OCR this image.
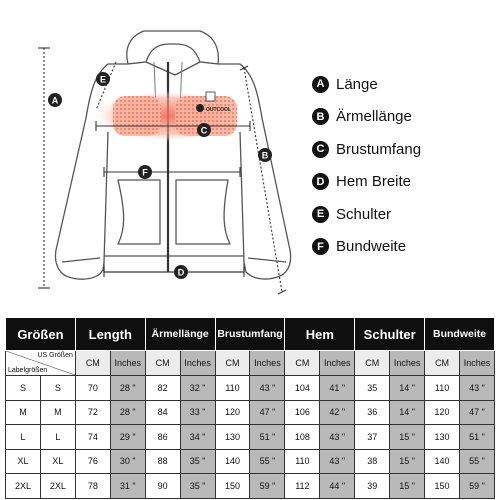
OUTCOOL
A
B
C
D
E
F
A Länge
B Ärmellänge
C Brustumfang
D Hem Breite
E Schulter
F Bundweite
Größen		Length		Ärmellänge		Brustumfang		Hem		Schulter		Bundweite	

US Größen
Labelgrößen		CM	Inches	CM	Inches	CM	Inches	CM	Inches	CM	Inches	CM	Inches
S	S	70	28 "	82	32 "	110	43 "	104	41 "	35	14 "	110	43 "
M	M	72	28 "	84	33 "	120	47 "	106	42 "	36	14 "	120	47 "
L	L	74	29 "	86	34 "	130	51 "	108	43 "	37	15 "	130	51 "
XL	XL	76	30 "	88	35 "	140	55 "	110	43 "	38	15 "	140	55 "
2XL	2XL	78	31 "	90	35 "	150	59 "	112	44 "	39	15 "	150	59 "
